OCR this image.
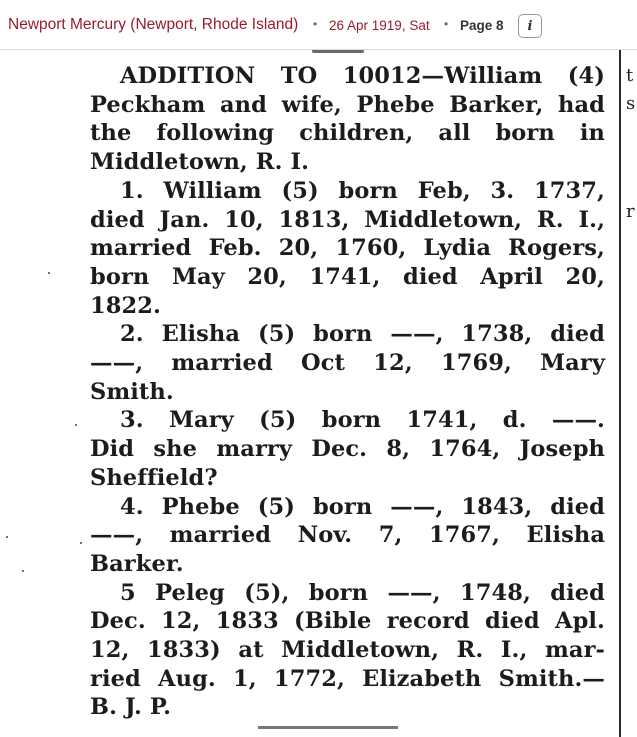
Newport Mercury (Newport, Rhode Island) • 26 Apr 1919, Sat • Page 8 i
t
s
r
ADDITION TO 10012—William (4)
Peckham and wife, Phebe Barker, had
the following children, all born in
Middletown, R. I.
1. William (5) born Feb, 3. 1737,
died Jan. 10, 1813, Middletown, R. I.,
married Feb. 20, 1760, Lydia Rogers,
born May 20, 1741, died April 20,
1822.
2. Elisha (5) born ——, 1738, died
——, married Oct 12, 1769, Mary
Smith.
3. Mary (5) born 1741, d. ——.
Did she marry Dec. 8, 1764, Joseph
Sheffield?
4. Phebe (5) born ——, 1843, died
——, married Nov. 7, 1767, Elisha
Barker.
5 Peleg (5), born ——, 1748, died
Dec. 12, 1833 (Bible record died Apl.
12, 1833) at Middletown, R. I., mar-
ried Aug. 1, 1772, Elizabeth Smith.—
B. J. P.
